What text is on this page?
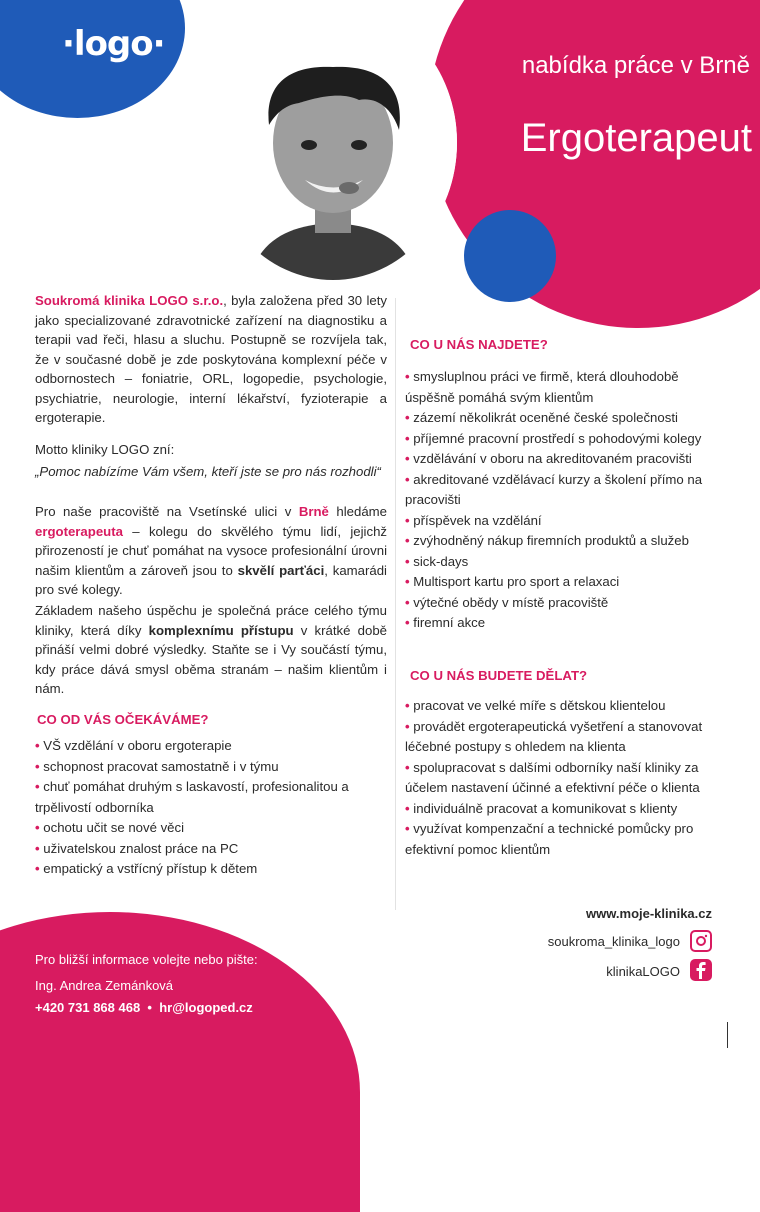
·logo·
nabídka práce v Brně
Ergoterapeut
Soukromá klinika LOGO s.r.o., byla založena před 30 lety jako specializované zdravotnické zařízení na diagnostiku a terapii vad řeči, hlasu a sluchu. Postupně se rozvíjela tak, že v současné době je zde poskytována komplexní péče v odbornostech – foniatrie, ORL, logopedie, psychologie, psychiatrie, neurologie, interní lékařství, fyzioterapie a ergoterapie.
Motto kliniky LOGO zní:
„Pomoc nabízíme Vám všem, kteří jste se pro nás rozhodli“
Pro naše pracoviště na Vsetínské ulici v Brně hledáme ergoterapeuta – kolegu do skvělého týmu lidí, jejichž přirozeností je chuť pomáhat na vysoce profesionální úrovni našim klientům a zároveň jsou to skvělí parťáci, kamarádi pro své kolegy.
Základem našeho úspěchu je společná práce celého týmu kliniky, která díky komplexnímu přístupu v krátké době přináší velmi dobré výsledky. Staňte se i Vy součástí týmu, kdy práce dává smysl oběma stranám – našim klientům i nám.
CO OD VÁS OČEKÁVÁME?
• VŠ vzdělání v oboru ergoterapie
• schopnost pracovat samostatně i v týmu
• chuť pomáhat druhým s laskavostí, profesionalitou a trpělivostí odborníka
• ochotu učit se nové věci
• uživatelskou znalost práce na PC
• empatický a vstřícný přístup k dětem
CO U NÁS NAJDETE?
• smysluplnou práci ve firmě, která dlouhodobě úspěšně pomáhá svým klientům
• zázemí několikrát oceněné české společnosti
• příjemné pracovní prostředí s pohodovými kolegy
• vzdělávání v oboru na akreditovaném pracovišti
• akreditované vzdělávací kurzy a školení přímo na pracovišti
• příspěvek na vzdělání
• zvýhodněný nákup firemních produktů a služeb
• sick-days
• Multisport kartu pro sport a relaxaci
• výtečné obědy v místě pracoviště
• firemní akce
CO U NÁS BUDETE DĚLAT?
• pracovat ve velké míře s dětskou klientelou
• provádět ergoterapeutická vyšetření a stanovovat léčebné postupy s ohledem na klienta
• spolupracovat s dalšími odborníky naší kliniky za účelem nastavení účinné a efektivní péče o klienta
• individuálně pracovat a komunikovat s klienty
• využívat kompenzační a technické pomůcky pro efektivní pomoc klientům
Pro bližší informace volejte nebo pište:
Ing. Andrea Zemánková
+420 731 868 468  •  hr@logoped.cz
www.moje-klinika.cz
soukroma_klinika_logo
klinikaLOGO
